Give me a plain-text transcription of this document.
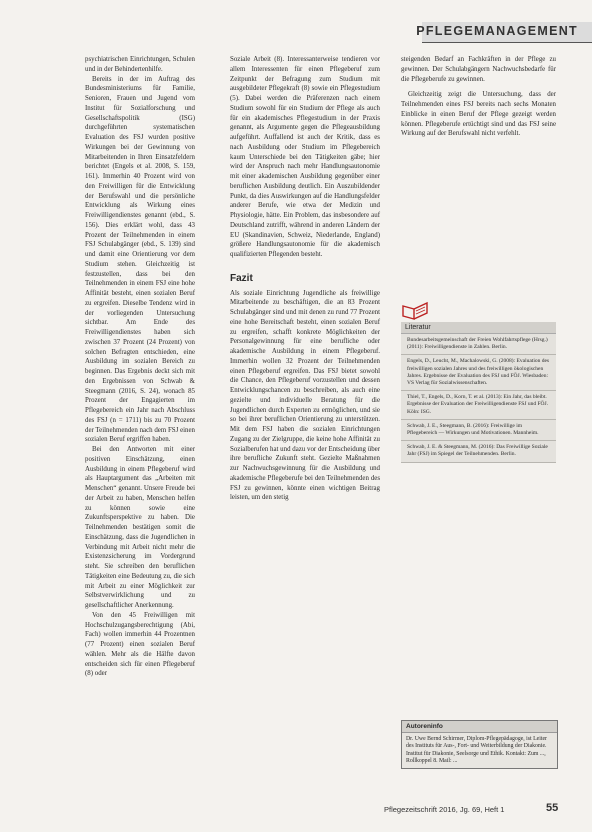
PFLEGEMANAGEMENT

psychiatrischen Einrichtungen, Schulen und in der Behindertenhilfe.

Bereits in der im Auftrag des Bundesministeriums für Familie, Senioren, Frauen und Jugend vom Institut für Sozialforschung und Gesellschaftspolitik (ISG) durchgeführten systematischen Evaluation des FSJ wurden positive Wirkungen bei der Gewinnung von Mitarbeitenden in Ihren Einsatzfeldern berichtet (Engels et al. 2008, S. 159, 161). Immerhin 40 Prozent wird von den Freiwilligen für die Entwicklung der Berufswahl und die persönliche Entwicklung als Wirkung eines Freiwilligendienstes genannt (ebd., S. 156). Dies erklärt wohl, dass 43 Prozent der Teilnehmenden in einem FSJ Schulabgänger (ebd., S. 139) sind und damit eine Orientierung vor dem Studium stehen. Gleichzeitig ist festzustellen, dass bei den Teilnehmenden in einem FSJ eine hohe Affinität besteht, einen sozialen Beruf zu ergreifen. Dieselbe Tendenz wird in der vorliegenden Untersuchung sichtbar. Am Ende des Freiwilligendienstes haben sich zwischen 37 Prozent (24 Prozent) von solchen Befragten entschieden, eine Ausbildung im sozialen Bereich zu beginnen. Das Ergebnis deckt sich mit den Ergebnissen von Schwab & Steegmann (2016, S. 24), wonach 85 Prozent der Engagierten im Pflegebereich ein Jahr nach Abschluss des FSJ (n = 1711) bis zu 70 Prozent der Teilnehmenden nach dem FSJ einen sozialen Beruf ergriffen haben.

Bei den Antworten mit einer positiven Einschätzung, einen Ausbildung in einem Pflegeberuf wird als Hauptargument das „Arbeiten mit Menschen“ genannt. Unsere Freude bei der Arbeit zu haben, Menschen helfen zu können sowie eine Zukunftsperspektive zu haben. Die Teilnehmenden bestätigen somit die Einschätzung, dass die Jugendlichen in Verbindung mit Arbeit nicht mehr die Existenzsicherung im Vordergrund steht. Sie schreiben den beruflichen Tätigkeiten eine Bedeutung zu, die sich mit Arbeit zu einer Möglichkeit zur Selbstverwirklichung und zu gesellschaftlicher Anerkennung.

Von den 45 Freiwilligen mit Hochschulzugangsberechtigung (Abi, Fach) wollen immerhin 44 Prozentnen (77 Prozent) einen sozialen Beruf wählen. Mehr als die Hälfte davon entscheiden sich für einen Pflegeberuf (8) oder

Soziale Arbeit (8). Interessanterweise tendieren vor allem Interessenten für einen Pflegeberuf zum Zeitpunkt der Befragung zum Studium mit ausgebildeter Pflegekraft (8) sowie ein Pflegestudium (5). Dabei werden die Präferenzen nach einem Studium sowohl für ein Studium der Pflege als auch für ein akademisches Pflegestudium in der Praxis genannt, als Argumente gegen die Pflegeausbildung aufgeführt. Auffallend ist auch der Kritik, dass es nach Ausbildung oder Studium im Pflegebereich kaum Unterschiede bei den Tätigkeiten gäbe; hier wird der Anspruch nach mehr Handlungsautonomie mit einer akademischen Ausbildung gegenüber einer beruflichen Ausbildung deutlich. Ein Auszubildender Punkt, da dies Auswirkungen auf die Handlungsfelder anderer Berufe, wie etwa der Medizin und Physiologie, hätte. Ein Problem, das insbesondere auf Deutschland zutrifft, während in anderen Ländern der EU (Skandinavien, Schweiz, Niederlande, England) größere Handlungsautonomie für die akademisch qualifizierten Pflegenden besteht.

Fazit

Als soziale Einrichtung Jugendliche als freiwillige Mitarbeitende zu beschäftigen, die an 83 Prozent Schulabgänger sind und mit denen zu rund 77 Prozent eine hohe Bereitschaft besteht, einen sozialen Beruf zu ergreifen, schafft konkrete Möglichkeiten der Personalgewinnung für eine berufliche oder akademische Ausbildung in einem Pflegeberuf. Immerhin wollen 32 Prozent der Teilnehmenden einen Pflegeberuf ergreifen. Das FSJ bietet sowohl die Chance, den Pflegeberuf vorzustellen und dessen Entwicklungschancen zu beschreiben, als auch eine gezielte und individuelle Beratung für die Jugendlichen durch Experten zu ermöglichen, und sie so bei ihrer beruflichen Orientierung zu unterstützen. Mit dem FSJ haben die sozialen Einrichtungen Zugang zu der Zielgruppe, die keine hohe Affinität zu Sozialberufen hat und dazu vor der Entscheidung über ihre berufliche Zukunft steht. Gezielte Maßnahmen zur Nachwuchsgewinnung für die Ausbildung und akademische Pflegeberufe bei den Teilnehmenden des FSJ zu gewinnen, könnte einen wichtigen Beitrag leisten, um den stetig

steigenden Bedarf an Fachkräften in der Pflege zu gewinnen. Der Schulabgängern Nachwuchsbedarfe für die Pflegeberufe zu gewinnen.

Gleichzeitig zeigt die Untersuchung, dass der Teilnehmenden eines FSJ bereits nach sechs Monaten Einblicke in einen Beruf der Pflege gezeigt werden können. Pflegeberufe ertüchtigt sind und das FSJ seine Wirkung auf der Berufswahl nicht verfehlt.

Literatur
Bundesarbeitsgemeinschaft der Freien Wohlfahrtspflege (Hrsg.) (2011): Freiwilligendienste in Zahlen. Berlin.
Engels, D., Leucht, M., Machalowski, G. (2008): Evaluation des freiwilligen sozialen Jahres und des freiwilligen ökologischen Jahres. Ergebnisse der Evaluation des FSJ und FÖJ. Wiesbaden: VS Verlag für Sozialwissenschaften.
Thiel, T., Engels, D., Korn, T. et al. (2013): Ein Jahr, das bleibt. Ergebnisse der Evaluation der Freiwilligendienste FSJ und FÖJ. Köln: ISG.
Schwab, J. E., Steegmann, B. (2016): Freiwillige im Pflegebereich — Wirkungen und Motivationen. Mannheim.
Schwab, J. E. & Steegmann, M. (2016): Das Freiwillige Soziale Jahr (FSJ) im Spiegel der Teilnehmenden. Berlin.
Autoreninfo
Dr. Uwe Bernd Schirmer, Diplom-Pflegepädagoge, ist Leiter des Instituts für Aus-, Fort- und Weiterbildung der Diakonie. Institut für Diakonie, Seelsorge und Ethik. Kontakt: Zum ..., Rollkoppel 8. Mail: ...
Pflegezeitschrift 2016, Jg. 69, Heft 1	55
